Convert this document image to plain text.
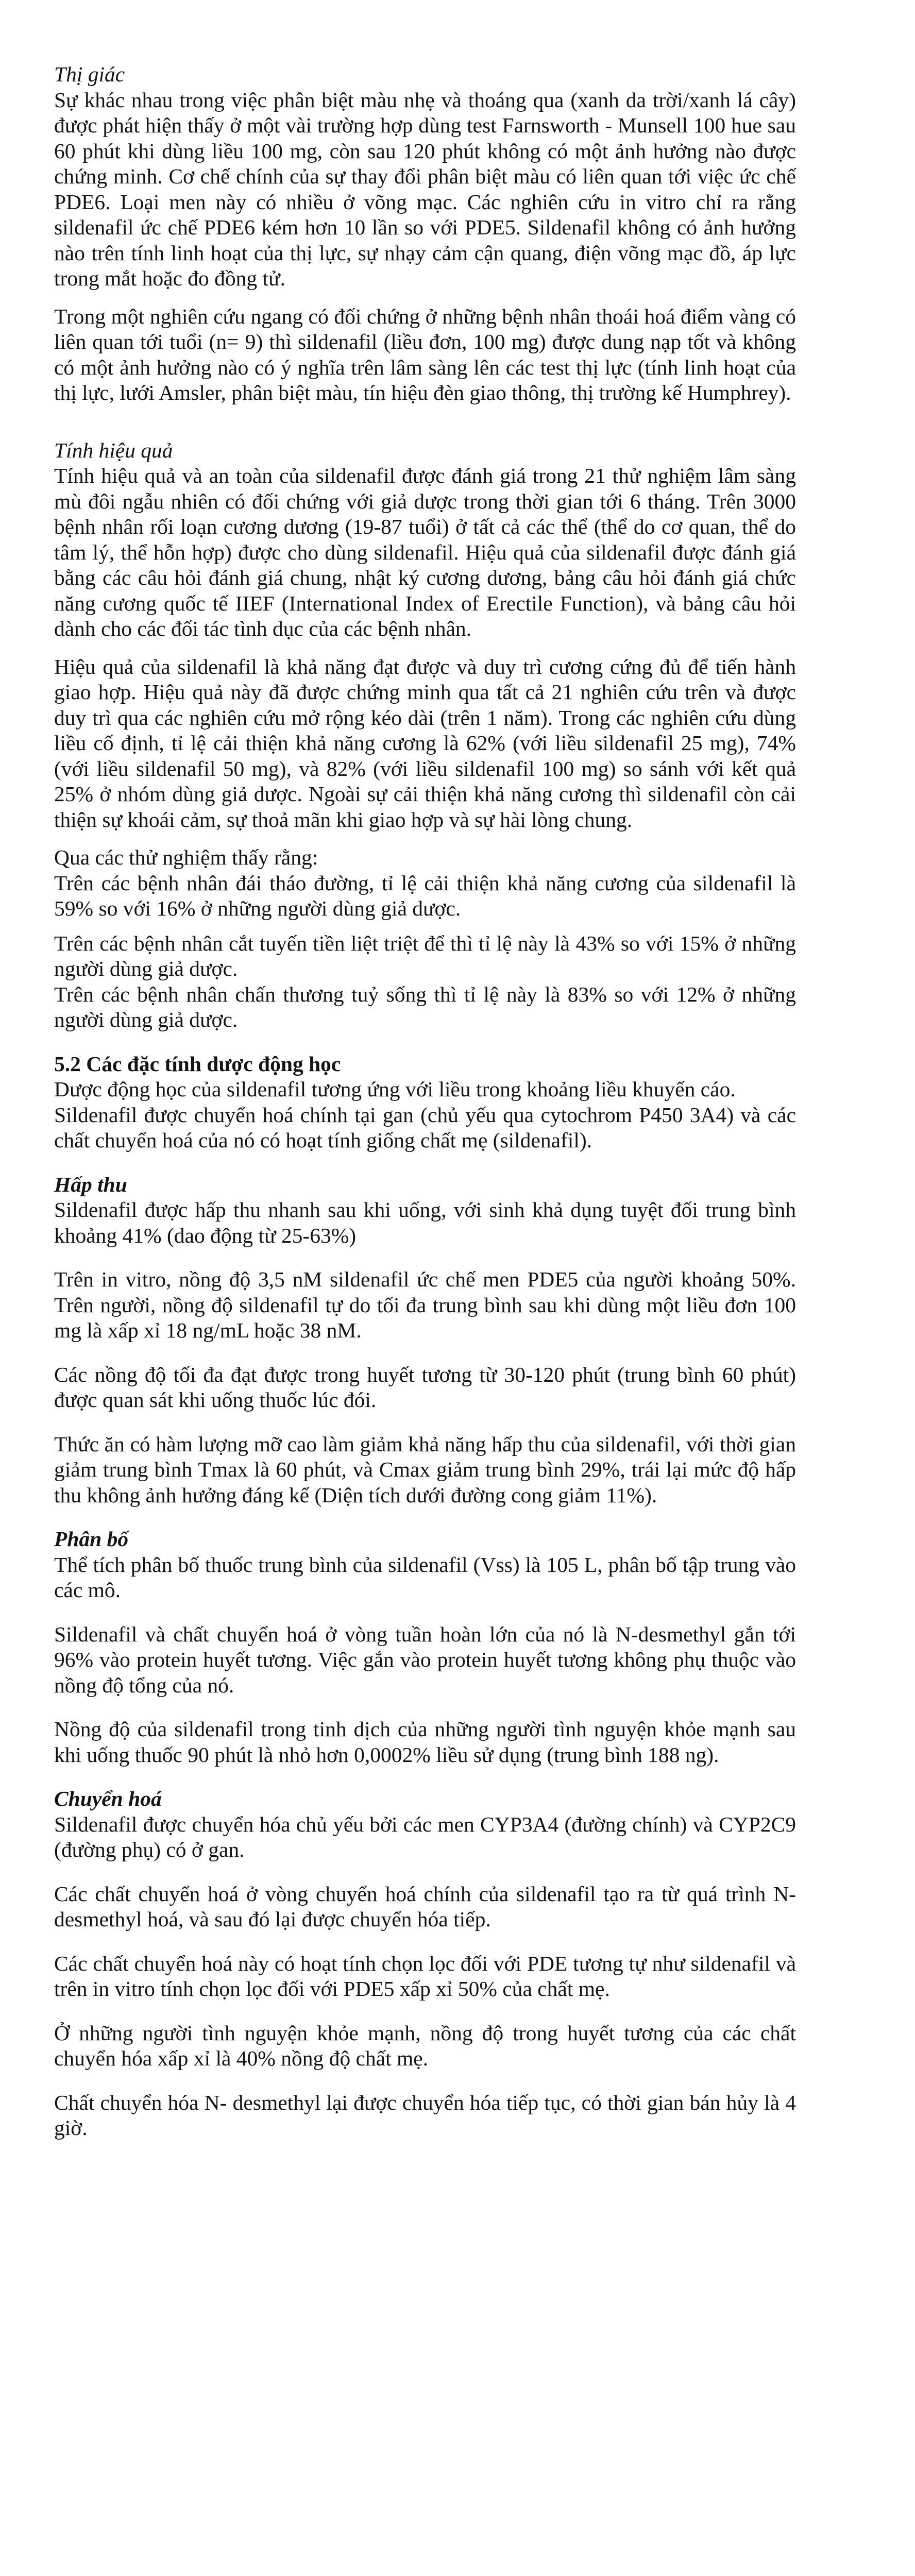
Thị giác

Sự khác nhau trong việc phân biệt màu nhẹ và thoáng qua (xanh da trời/xanh lá cây) được phát hiện thấy ở một vài trường hợp dùng test Farnsworth - Munsell 100 hue sau 60 phút khi dùng liều 100 mg, còn sau 120 phút không có một ảnh hưởng nào được chứng minh. Cơ chế chính của sự thay đổi phân biệt màu có liên quan tới việc ức chế PDE6. Loại men này có nhiều ở võng mạc. Các nghiên cứu in vitro chỉ ra rằng sildenafil ức chế PDE6 kém hơn 10 lần so với PDE5. Sildenafil không có ảnh hưởng nào trên tính linh hoạt của thị lực, sự nhạy cảm cận quang, điện võng mạc đồ, áp lực trong mắt hoặc đo đồng tử.

Trong một nghiên cứu ngang có đối chứng ở những bệnh nhân thoái hoá điểm vàng có liên quan tới tuổi (n= 9) thì sildenafil (liều đơn, 100 mg) được dung nạp tốt và không có một ảnh hưởng nào có ý nghĩa trên lâm sàng lên các test thị lực (tính linh hoạt của thị lực, lưới Amsler, phân biệt màu, tín hiệu đèn giao thông, thị trường kế Humphrey).

Tính hiệu quả

Tính hiệu quả và an toàn của sildenafil được đánh giá trong 21 thử nghiệm lâm sàng mù đôi ngẫu nhiên có đối chứng với giả dược trong thời gian tới 6 tháng. Trên 3000 bệnh nhân rối loạn cương dương (19-87 tuổi) ở tất cả các thể (thể do cơ quan, thể do tâm lý, thể hỗn hợp) được cho dùng sildenafil. Hiệu quả của sildenafil được đánh giá bằng các câu hỏi đánh giá chung, nhật ký cương dương, bảng câu hỏi đánh giá chức năng cương quốc tế IIEF (International Index of Erectile Function), và bảng câu hỏi dành cho các đối tác tình dục của các bệnh nhân.

Hiệu quả của sildenafil là khả năng đạt được và duy trì cương cứng đủ để tiến hành giao hợp. Hiệu quả này đã được chứng minh qua tất cả 21 nghiên cứu trên và được duy trì qua các nghiên cứu mở rộng kéo dài (trên 1 năm). Trong các nghiên cứu dùng liều cố định, tỉ lệ cải thiện khả năng cương là 62% (với liều sildenafil 25 mg), 74% (với liều sildenafil 50 mg), và 82% (với liều sildenafil 100 mg) so sánh với kết quả 25% ở nhóm dùng giả dược. Ngoài sự cải thiện khả năng cương thì sildenafil còn cải thiện sự khoái cảm, sự thoả mãn khi giao hợp và sự hài lòng chung.

Qua các thử nghiệm thấy rằng:

Trên các bệnh nhân đái tháo đường, tỉ lệ cải thiện khả năng cương của sildenafil là 59% so với 16% ở những người dùng giả dược.

Trên các bệnh nhân cắt tuyến tiền liệt triệt để thì tỉ lệ này là 43% so với 15% ở những người dùng giả dược.

Trên các bệnh nhân chấn thương tuỷ sống thì tỉ lệ này là 83% so với 12% ở những người dùng giả dược.

5.2 Các đặc tính dược động học

Dược động học của sildenafil tương ứng với liều trong khoảng liều khuyến cáo.

Sildenafil được chuyển hoá chính tại gan (chủ yếu qua cytochrom P450 3A4) và các chất chuyển hoá của nó có hoạt tính giống chất mẹ (sildenafil).

Hấp thu

Sildenafil được hấp thu nhanh sau khi uống, với sinh khả dụng tuyệt đối trung bình khoảng 41% (dao động từ 25-63%)

Trên in vitro, nồng độ 3,5 nM sildenafil ức chế men PDE5 của người khoảng 50%. Trên người, nồng độ sildenafil tự do tối đa trung bình sau khi dùng một liều đơn 100 mg là xấp xỉ 18 ng/mL hoặc 38 nM.

Các nồng độ tối đa đạt được trong huyết tương từ 30-120 phút (trung bình 60 phút) được quan sát khi uống thuốc lúc đói.

Thức ăn có hàm lượng mỡ cao làm giảm khả năng hấp thu của sildenafil, với thời gian giảm trung bình Tmax là 60 phút, và Cmax giảm trung bình 29%, trái lại mức độ hấp thu không ảnh hưởng đáng kể (Diện tích dưới đường cong giảm 11%).

Phân bố

Thể tích phân bố thuốc trung bình của sildenafil (Vss) là 105 L, phân bố tập trung vào các mô.

Sildenafil và chất chuyển hoá ở vòng tuần hoàn lớn của nó là N-desmethyl gắn tới 96% vào protein huyết tương. Việc gắn vào protein huyết tương không phụ thuộc vào nồng độ tổng của nó.

Nồng độ của sildenafil trong tinh dịch của những người tình nguyện khỏe mạnh sau khi uống thuốc 90 phút là nhỏ hơn 0,0002% liều sử dụng (trung bình 188 ng).

Chuyển hoá

Sildenafil được chuyển hóa chủ yếu bởi các men CYP3A4 (đường chính) và CYP2C9 (đường phụ) có ở gan.

Các chất chuyển hoá ở vòng chuyển hoá chính của sildenafil tạo ra từ quá trình N- desmethyl hoá, và sau đó lại được chuyển hóa tiếp.

Các chất chuyển hoá này có hoạt tính chọn lọc đối với PDE tương tự như sildenafil và trên in vitro tính chọn lọc đối với PDE5 xấp xỉ 50% của chất mẹ.

Ở những người tình nguyện khỏe mạnh, nồng độ trong huyết tương của các chất chuyển hóa xấp xỉ là 40% nồng độ chất mẹ.

Chất chuyển hóa N- desmethyl lại được chuyển hóa tiếp tục, có thời gian bán hủy là 4 giờ.
